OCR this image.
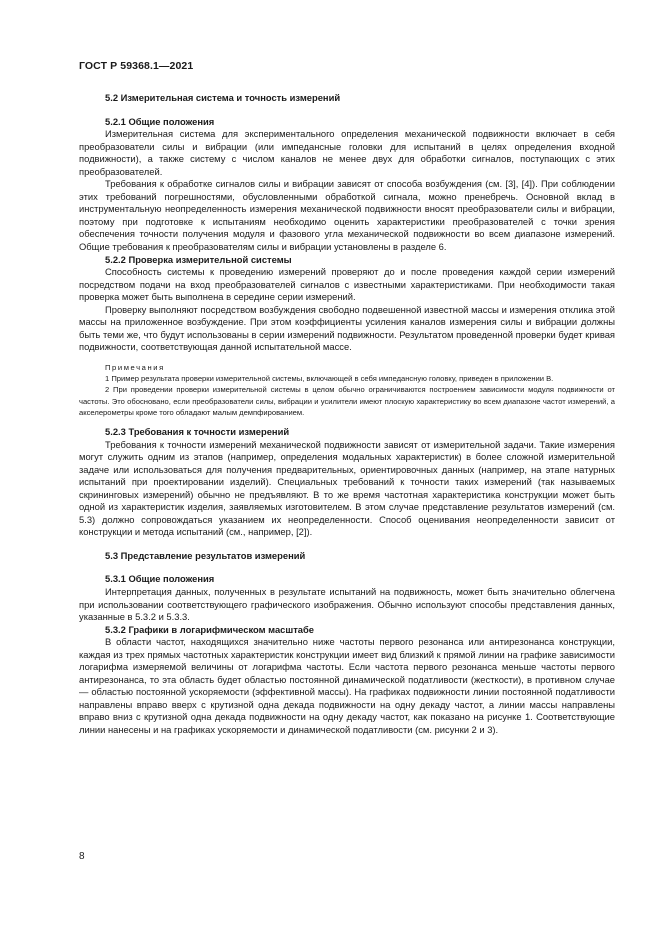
ГОСТ Р 59368.1—2021
5.2 Измерительная система и точность измерений
5.2.1 Общие положения

Измерительная система для экспериментального определения механической подвижности включает в себя преобразователи силы и вибрации (или импедансные головки для испытаний в целях определения входной подвижности), а также систему с числом каналов не менее двух для обработки сигналов, поступающих с этих преобразователей.

Требования к обработке сигналов силы и вибрации зависят от способа возбуждения (см. [3], [4]). При соблюдении этих требований погрешностями, обусловленными обработкой сигнала, можно пренебречь. Основной вклад в инструментальную неопределенность измерения механической подвижности вносят преобразователи силы и вибрации, поэтому при подготовке к испытаниям необходимо оценить характеристики преобразователей с точки зрения обеспечения точности получения модуля и фазового угла механической подвижности во всем диапазоне измерений. Общие требования к преобразователям силы и вибрации установлены в разделе 6.

5.2.2 Проверка измерительной системы

Способность системы к проведению измерений проверяют до и после проведения каждой серии измерений посредством подачи на вход преобразователей сигналов с известными характеристиками. При необходимости такая проверка может быть выполнена в середине серии измерений.

Проверку выполняют посредством возбуждения свободно подвешенной известной массы и измерения отклика этой массы на приложенное возбуждение. При этом коэффициенты усиления каналов измерения силы и вибрации должны быть теми же, что будут использованы в серии измерений подвижности. Результатом проведенной проверки будет кривая подвижности, соответствующая данной испытательной массе.

Примечания

1 Пример результата проверки измерительной системы, включающей в себя импедансную головку, приведен в приложении В.

2 При проведении проверки измерительной системы в целом обычно ограничиваются построением зависимости модуля подвижности от частоты. Это обосновано, если преобразователи силы, вибрации и усилители имеют плоскую характеристику во всем диапазоне частот измерений, а акселерометры кроме того обладают малым демпфированием.

5.2.3 Требования к точности измерений

Требования к точности измерений механической подвижности зависят от измерительной задачи. Такие измерения могут служить одним из этапов (например, определения модальных характеристик) в более сложной измерительной задаче или использоваться для получения предварительных, ориентировочных данных (например, на этапе натурных испытаний при проектировании изделий). Специальных требований к точности таких измерений (так называемых скрининговых измерений) обычно не предъявляют. В то же время частотная характеристика конструкции может быть одной из характеристик изделия, заявляемых изготовителем. В этом случае представление результатов измерений (см. 5.3) должно сопровождаться указанием их неопределенности. Способ оценивания неопределенности зависит от конструкции и метода испытаний (см., например, [2]).

5.3 Представление результатов измерений
5.3.1 Общие положения

Интерпретация данных, полученных в результате испытаний на подвижность, может быть значительно облегчена при использовании соответствующего графического изображения. Обычно используют способы представления данных, указанные в 5.3.2 и 5.3.3.

5.3.2 Графики в логарифмическом масштабе

В области частот, находящихся значительно ниже частоты первого резонанса или антирезонанса конструкции, каждая из трех прямых частотных характеристик конструкции имеет вид близкий к прямой линии на графике зависимости логарифма измеряемой величины от логарифма частоты. Если частота первого резонанса меньше частоты первого антирезонанса, то эта область будет областью постоянной динамической податливости (жесткости), в противном случае — областью постоянной ускоряемости (эффективной массы). На графиках подвижности линии постоянной податливости направлены вправо вверх с крутизной одна декада подвижности на одну декаду частот, а линии массы направлены вправо вниз с крутизной одна декада подвижности на одну декаду частот, как показано на рисунке 1. Соответствующие линии нанесены и на графиках ускоряемости и динамической податливости (см. рисунки 2 и 3).

8
